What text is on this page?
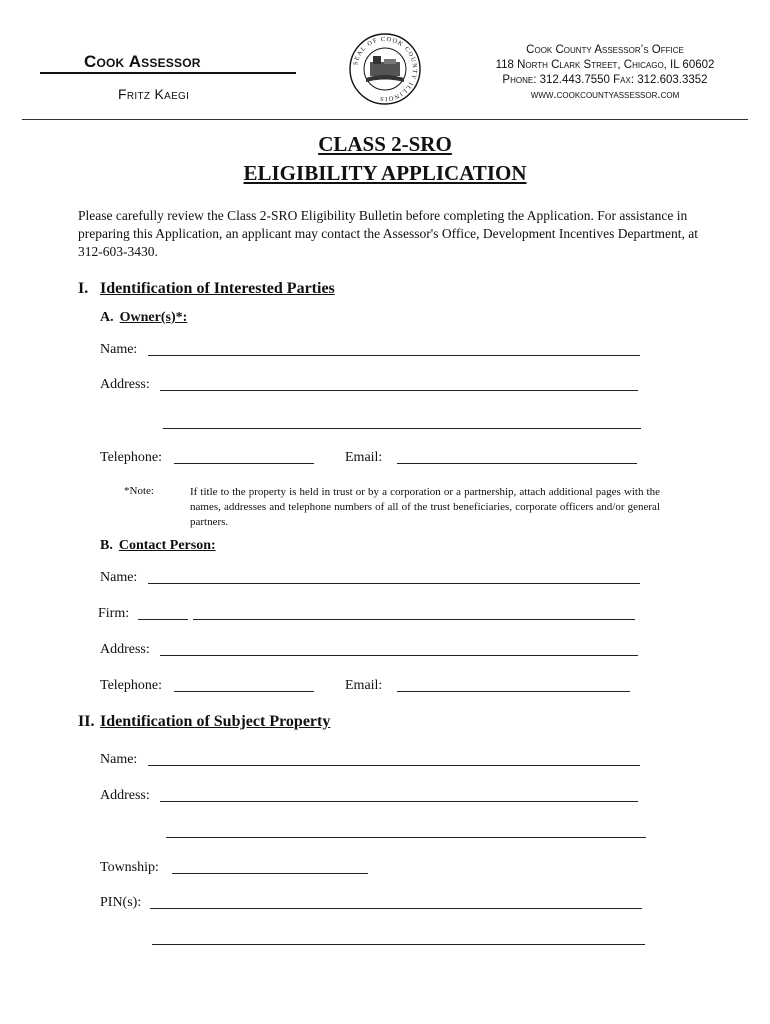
Cook Assessor
Fritz Kaegi
SEAL OF COOK COUNTY ILLINOIS
Cook County Assessor’s Office
118 North Clark Street, Chicago, IL 60602
Phone: 312.443.7550 Fax: 312.603.3352
www.cookcountyassessor.com
CLASS 2-SRO
ELIGIBILITY APPLICATION
Please carefully review the Class 2-SRO Eligibility Bulletin before completing the Application. For assistance in preparing this Application, an applicant may contact the Assessor's Office, Development Incentives Department, at 312-603-3430.
I. Identification of Interested Parties
A. Owner(s)*:
Name:
Address:
Telephone:	Email:
*Note:	If title to the property is held in trust or by a corporation or a partnership, attach additional pages with the names, addresses and telephone numbers of all of the trust beneficiaries, corporate officers and/or general partners.
B. Contact Person:
Name:
Firm:
Address:
Telephone:	Email:
II. Identification of Subject Property
Name:
Address:
Township:
PIN(s):
